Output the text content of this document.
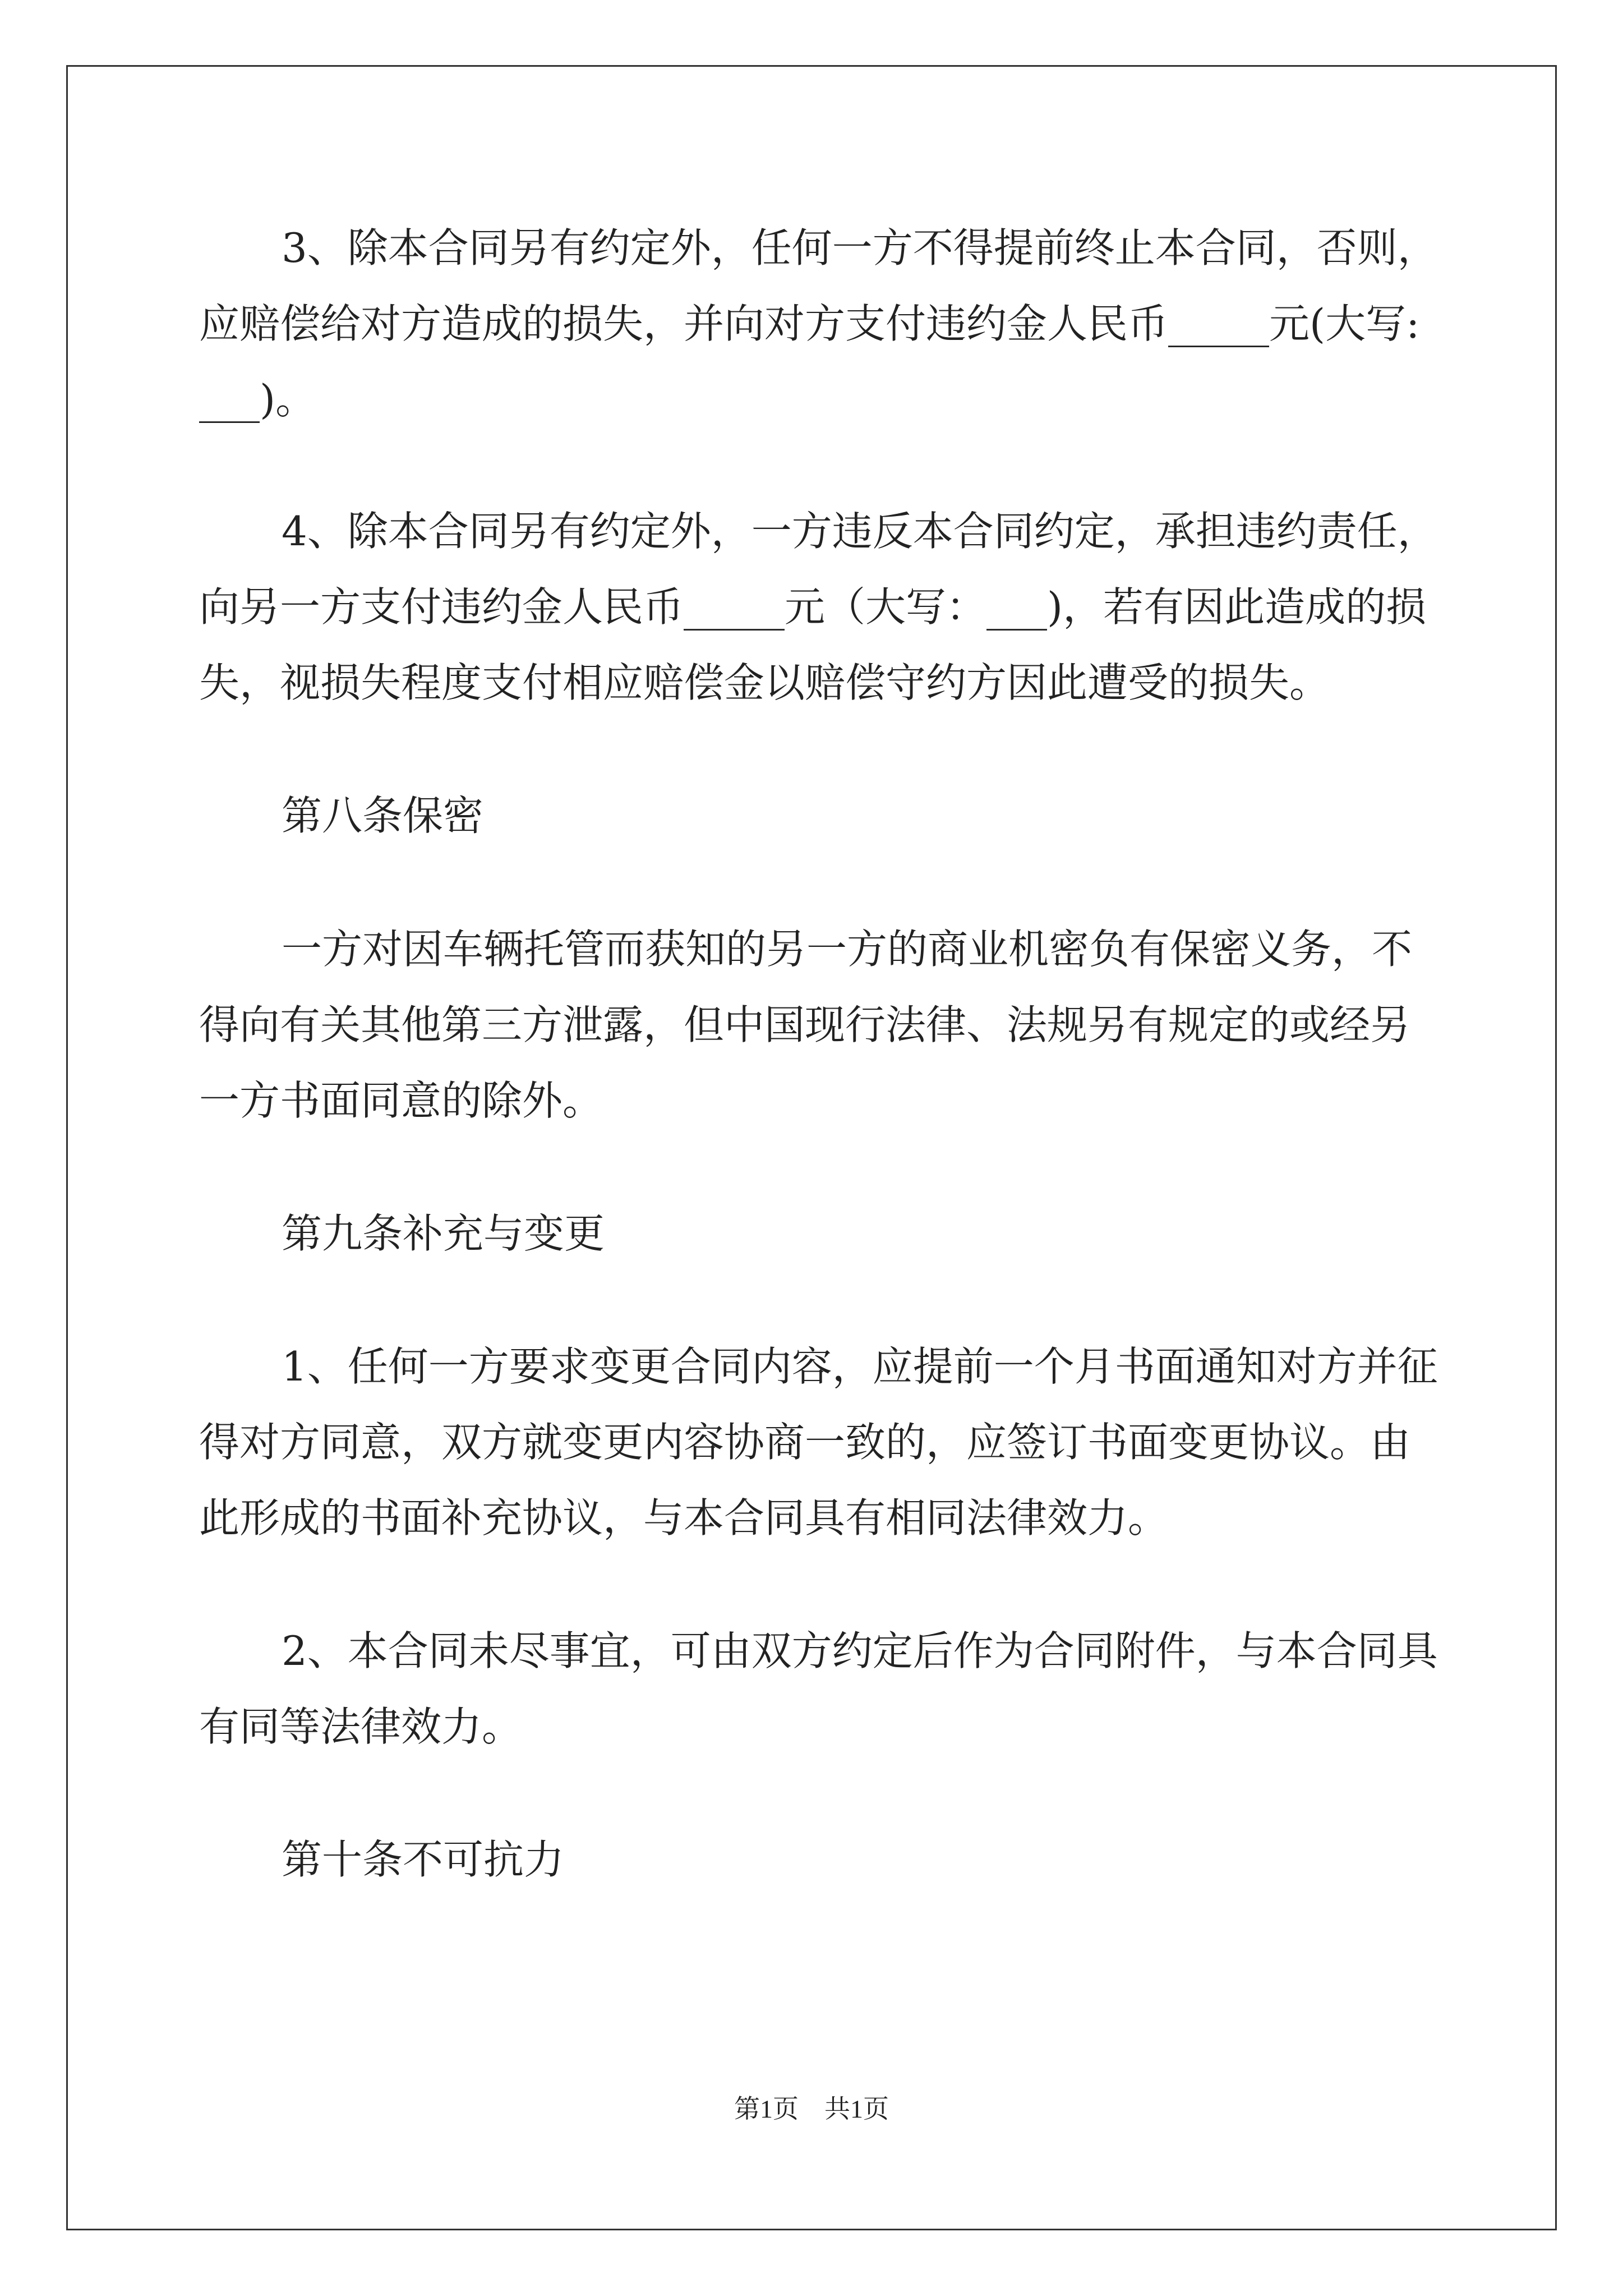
3、除本合同另有约定外，任何一方不得提前终止本合同，否则，

应赔偿给对方造成的损失，并向对方支付违约金人民币_____元(大写:

___)。

4、除本合同另有约定外，一方违反本合同约定，承担违约责任，

向另一方支付违约金人民币_____元（大写：___)，若有因此造成的损

失，视损失程度支付相应赔偿金以赔偿守约方因此遭受的损失。

第八条保密

一方对因车辆托管而获知的另一方的商业机密负有保密义务，不

得向有关其他第三方泄露，但中国现行法律、法规另有规定的或经另

一方书面同意的除外。

第九条补充与变更

1、任何一方要求变更合同内容，应提前一个月书面通知对方并征

得对方同意，双方就变更内容协商一致的，应签订书面变更协议。由

此形成的书面补充协议，与本合同具有相同法律效力。

2、本合同未尽事宜，可由双方约定后作为合同附件，与本合同具

有同等法律效力。

第十条不可抗力

第1页　共1页
